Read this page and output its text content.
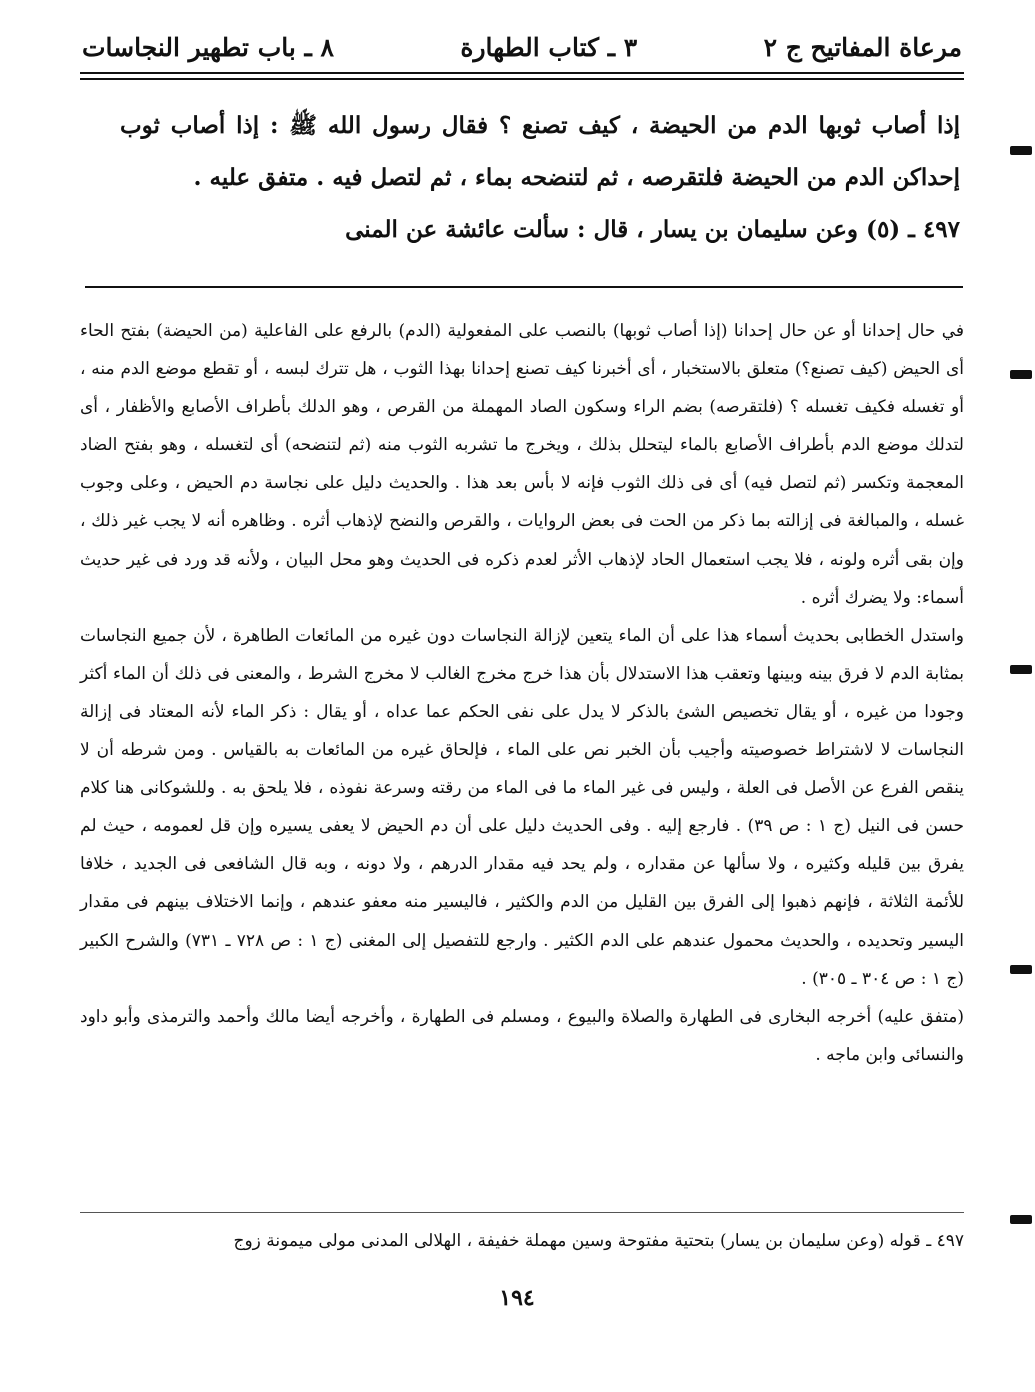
مرعاة المفاتيح ج ٢
٣ ـ كتاب الطهارة
٨ ـ باب تطهير النجاسات

إذا أصاب ثوبها الدم من الحيضة ، كيف تصنع ؟ فقال رسول الله ﷺ : إذا أصاب ثوب إحداكن الدم من الحيضة فلتقرصه ، ثم لتنضحه بماء ، ثم لتصل فيه . متفق عليه .

٤٩٧ ـ (٥) وعن سليمان بن يسار ، قال : سألت عائشة عن المنى

في حال إحدانا أو عن حال إحدانا (إذا أصاب ثوبها) بالنصب على المفعولية (الدم) بالرفع على الفاعلية (من الحيضة) بفتح الحاء أى الحيض (كيف تصنع؟) متعلق بالاستخبار ، أى أخبرنا كيف تصنع إحدانا بهذا الثوب ، هل تترك لبسه ، أو تقطع موضع الدم منه ، أو تغسله فكيف تغسله ؟ (فلتقرصه) بضم الراء وسكون الصاد المهملة من القرص ، وهو الدلك بأطراف الأصابع والأظفار ، أى لتدلك موضع الدم بأطراف الأصابع بالماء ليتحلل بذلك ، ويخرج ما تشربه الثوب منه (ثم لتنضحه) أى لتغسله ، وهو بفتح الضاد المعجمة وتكسر (ثم لتصل فيه) أى فى ذلك الثوب فإنه لا بأس بعد هذا . والحديث دليل على نجاسة دم الحيض ، وعلى وجوب غسله ، والمبالغة فى إزالته بما ذكر من الحت فى بعض الروايات ، والقرص والنضح لإذهاب أثره . وظاهره أنه لا يجب غير ذلك ، وإن بقى أثره ولونه ، فلا يجب استعمال الحاد لإذهاب الأثر لعدم ذكره فى الحديث وهو محل البيان ، ولأنه قد ورد فى غير حديث أسماء: ولا يضرك أثره .

واستدل الخطابى بحديث أسماء هذا على أن الماء يتعين لإزالة النجاسات دون غيره من المائعات الطاهرة ، لأن جميع النجاسات بمثابة الدم لا فرق بينه وبينها وتعقب هذا الاستدلال بأن هذا خرج مخرج الغالب لا مخرج الشرط ، والمعنى فى ذلك أن الماء أكثر وجودا من غيره ، أو يقال تخصيص الشئ بالذكر لا يدل على نفى الحكم عما عداه ، أو يقال : ذكر الماء لأنه المعتاد فى إزالة النجاسات لا لاشتراط خصوصيته وأجيب بأن الخبر نص على الماء ، فإلحاق غيره من المائعات به بالقياس . ومن شرطه أن لا ينقص الفرع عن الأصل فى العلة ، وليس فى غير الماء ما فى الماء من رقته وسرعة نفوذه ، فلا يلحق به . وللشوكانى هنا كلام حسن فى النيل (ج ١ : ص ٣٩) . فارجع إليه . وفى الحديث دليل على أن دم الحيض لا يعفى يسيره وإن قل لعمومه ، حيث لم يفرق بين قليله وكثيره ، ولا سألها عن مقداره ، ولم يحد فيه مقدار الدرهم ، ولا دونه ، وبه قال الشافعى فى الجديد ، خلافا للأئمة الثلاثة ، فإنهم ذهبوا إلى الفرق بين القليل من الدم والكثير ، فاليسير منه معفو عندهم ، وإنما الاختلاف بينهم فى مقدار اليسير وتحديده ، والحديث محمول عندهم على الدم الكثير . وارجع للتفصيل إلى المغنى (ج ١ : ص ٧٢٨ ـ ٧٣١) والشرح الكبير (ج ١ : ص ٣٠٤ ـ ٣٠٥) .

(متفق عليه) أخرجه البخارى فى الطهارة والصلاة والبيوع ، ومسلم فى الطهارة ، وأخرجه أيضا مالك وأحمد والترمذى وأبو داود والنسائى وابن ماجه .

٤٩٧ ـ قوله (وعن سليمان بن يسار) بتحتية مفتوحة وسين مهملة خفيفة ، الهلالى المدنى مولى ميمونة زوج
١٩٤
